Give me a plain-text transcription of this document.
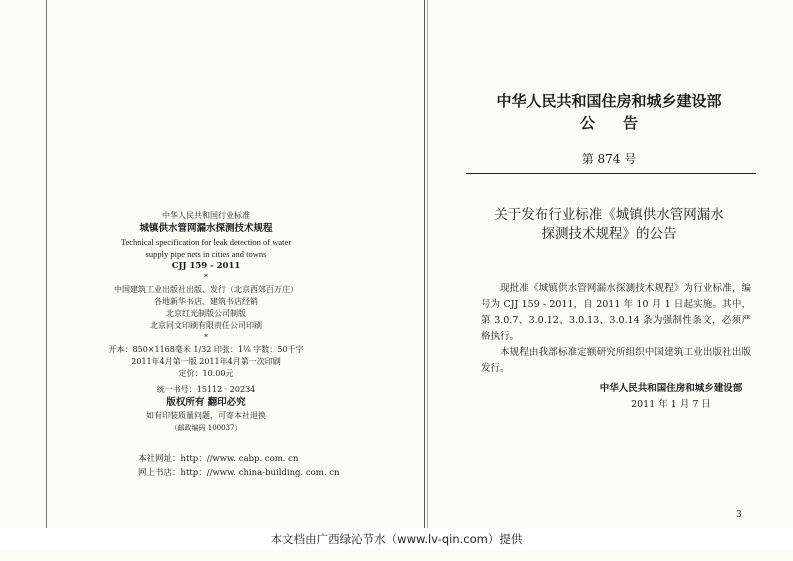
中华人民共和国行业标准
城镇供水管网漏水探测技术规程
Technical specification for leak detection of water
supply pipe nets in cities and towns
CJJ 159 - 2011
*
中国建筑工业出版社出版、发行（北京西郊百万庄）
各地新华书店、建筑书店经销
北京红光制版公司制版
北京同文印刷有限责任公司印刷
*
开本：850×1168毫米 1/32 印张：1⅛ 字数：50千字
2011年4月第一版 2011年4月第一次印刷
定价：10.00元
统一书号：15112 · 20234
版权所有 翻印必究
如有印装质量问题，可寄本社退换
（邮政编码 100037）
本社网址：http：//www. cabp. com. cn
网上书店：http：//www. china-building. com. cn
中华人民共和国住房和城乡建设部
公告
第 874 号
关于发布行业标准《城镇供水管网漏水
探测技术规程》的公告

现批准《城镇供水管网漏水探测技术规程》为行业标准，编号为 CJJ 159 - 2011，自 2011 年 10 月 1 日起实施。其中，第 3.0.7、3.0.12、3.0.13、3.0.14 条为强制性条文，必须严格执行。

本规程由我部标准定额研究所组织中国建筑工业出版社出版发行。

中华人民共和国住房和城乡建设部
2011 年 1 月 7 日
3
本文档由广西绿沁节水（www.lv-qin.com）提供
